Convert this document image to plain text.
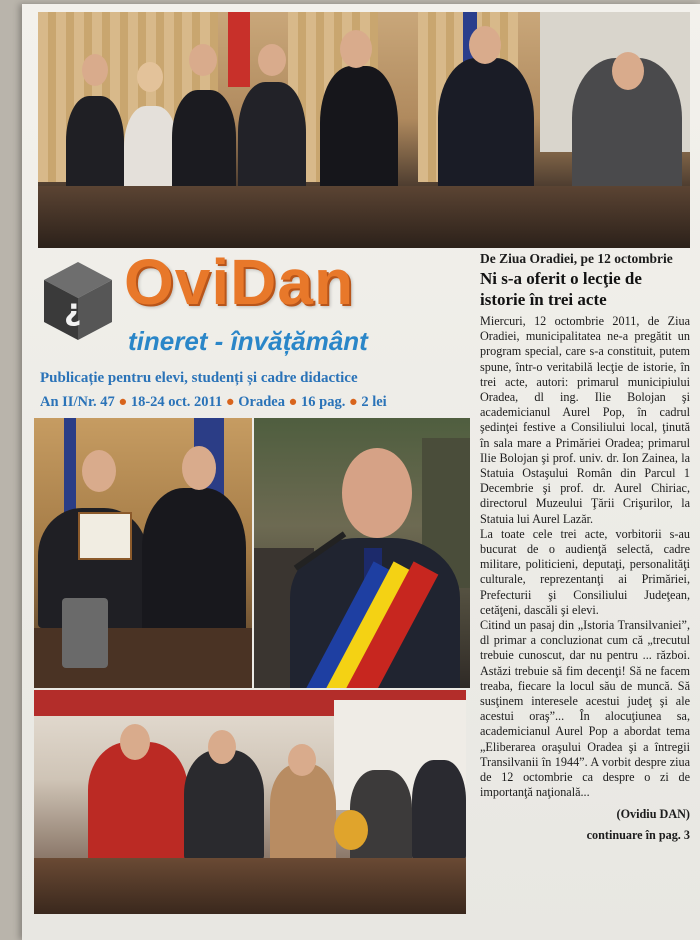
¿ OviDan
tineret - învățământ
Publicație pentru elevi, studenți și cadre didactice
An II/Nr. 47 ● 18-24 oct. 2011 ● Oradea ● 16 pag. ● 2 lei

De Ziua Oradiei, pe 12 octombrie

Ni s-a oferit o lecţie de istorie în trei acte

Miercuri, 12 octombrie 2011, de Ziua Oradiei, municipalitatea ne-a pregătit un program special, care s-a constituit, putem spune, într-o veritabilă lecţie de istorie, în trei acte, autori: primarul municipiului Oradea, dl ing. Ilie Bolojan şi academicianul Aurel Pop, în cadrul şedinţei festive a Consiliului local, ţinută în sala mare a Primăriei Oradea; primarul Ilie Bolojan şi prof. univ. dr. Ion Zainea, la Statuia Ostaşului Român din Parcul 1 Decembrie şi prof. dr. Aurel Chiriac, directorul Muzeului Ţării Crişurilor, la Statuia lui Aurel Lazăr.

La toate cele trei acte, vorbitorii s-au bucurat de o audienţă selectă, cadre militare, politicieni, deputaţi, personalităţi culturale, reprezentanţi ai Primăriei, Prefecturii şi Consiliului Judeţean, cetăţeni, dascăli şi elevi.

Citind un pasaj din „Istoria Transilvaniei”, dl primar a concluzionat cum că „trecutul trebuie cunoscut, dar nu pentru ... război. Astăzi trebuie să fim decenţi! Să ne facem treaba, fiecare la locul său de muncă. Să susţinem interesele acestui judeţ şi ale acestui oraş”... În alocuţiunea sa, academicianul Aurel Pop a abordat tema „Eliberarea oraşului Oradea şi a întregii Transilvanii în 1944”. A vorbit despre ziua de 12 octombrie ca despre o zi de importanţă naţională...

(Ovidiu DAN)
continuare în pag. 3
